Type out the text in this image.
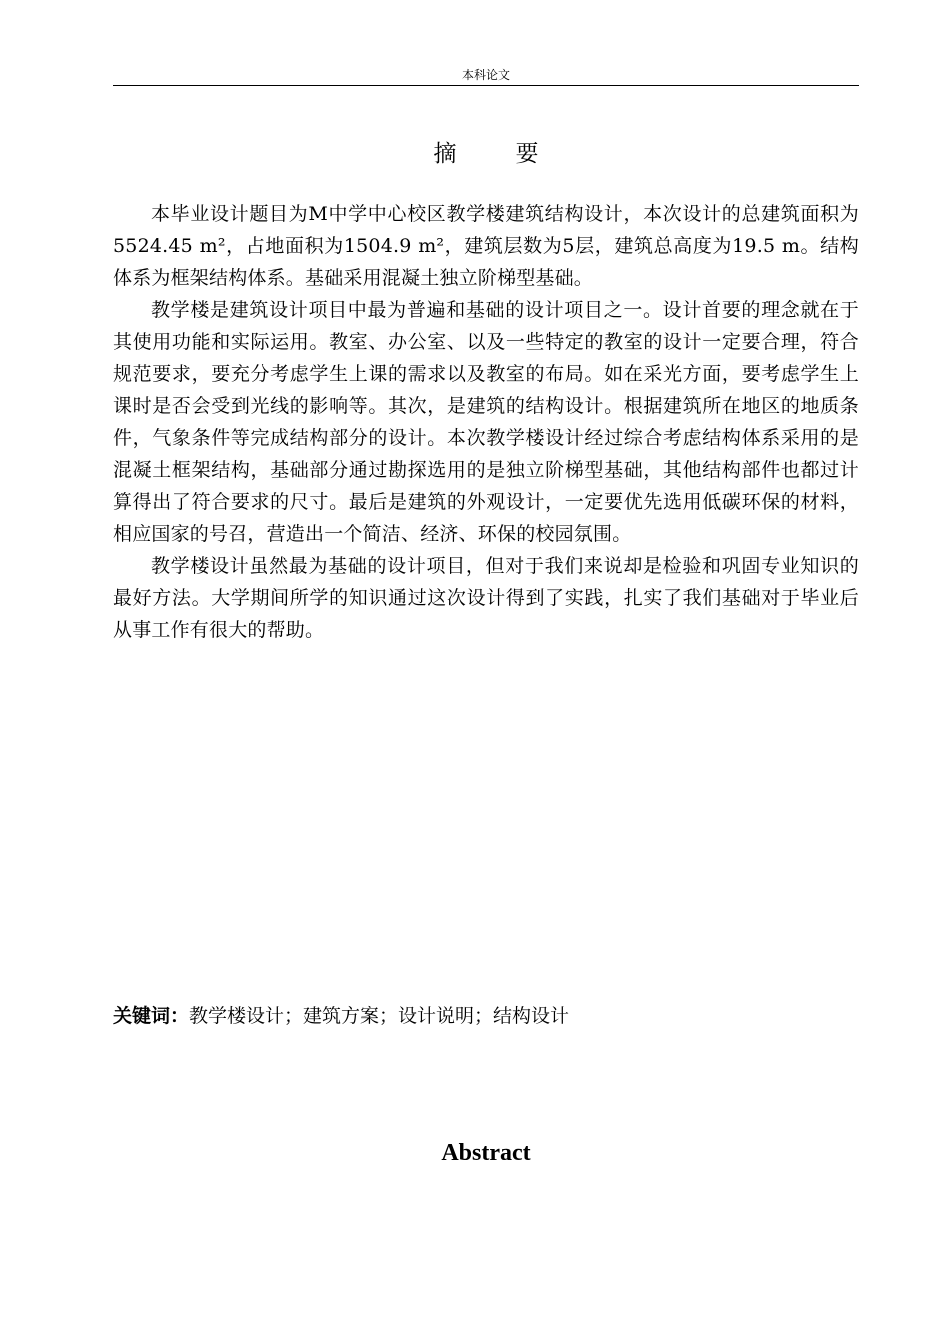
本科论文
摘　要

本毕业设计题目为M中学中心校区教学楼建筑结构设计，本次设计的总建筑面积为5524.45 m²，占地面积为1504.9 m²，建筑层数为5层，建筑总高度为19.5 m。结构体系为框架结构体系。基础采用混凝土独立阶梯型基础。

教学楼是建筑设计项目中最为普遍和基础的设计项目之一。设计首要的理念就在于其使用功能和实际运用。教室、办公室、以及一些特定的教室的设计一定要合理，符合规范要求，要充分考虑学生上课的需求以及教室的布局。如在采光方面，要考虑学生上课时是否会受到光线的影响等。其次，是建筑的结构设计。根据建筑所在地区的地质条件，气象条件等完成结构部分的设计。本次教学楼设计经过综合考虑结构体系采用的是混凝土框架结构，基础部分通过勘探选用的是独立阶梯型基础，其他结构部件也都过计算得出了符合要求的尺寸。最后是建筑的外观设计，一定要优先选用低碳环保的材料，相应国家的号召，营造出一个简洁、经济、环保的校园氛围。

教学楼设计虽然最为基础的设计项目，但对于我们来说却是检验和巩固专业知识的最好方法。大学期间所学的知识通过这次设计得到了实践，扎实了我们基础对于毕业后从事工作有很大的帮助。

关键词：教学楼设计；建筑方案；设计说明；结构设计
Abstract
